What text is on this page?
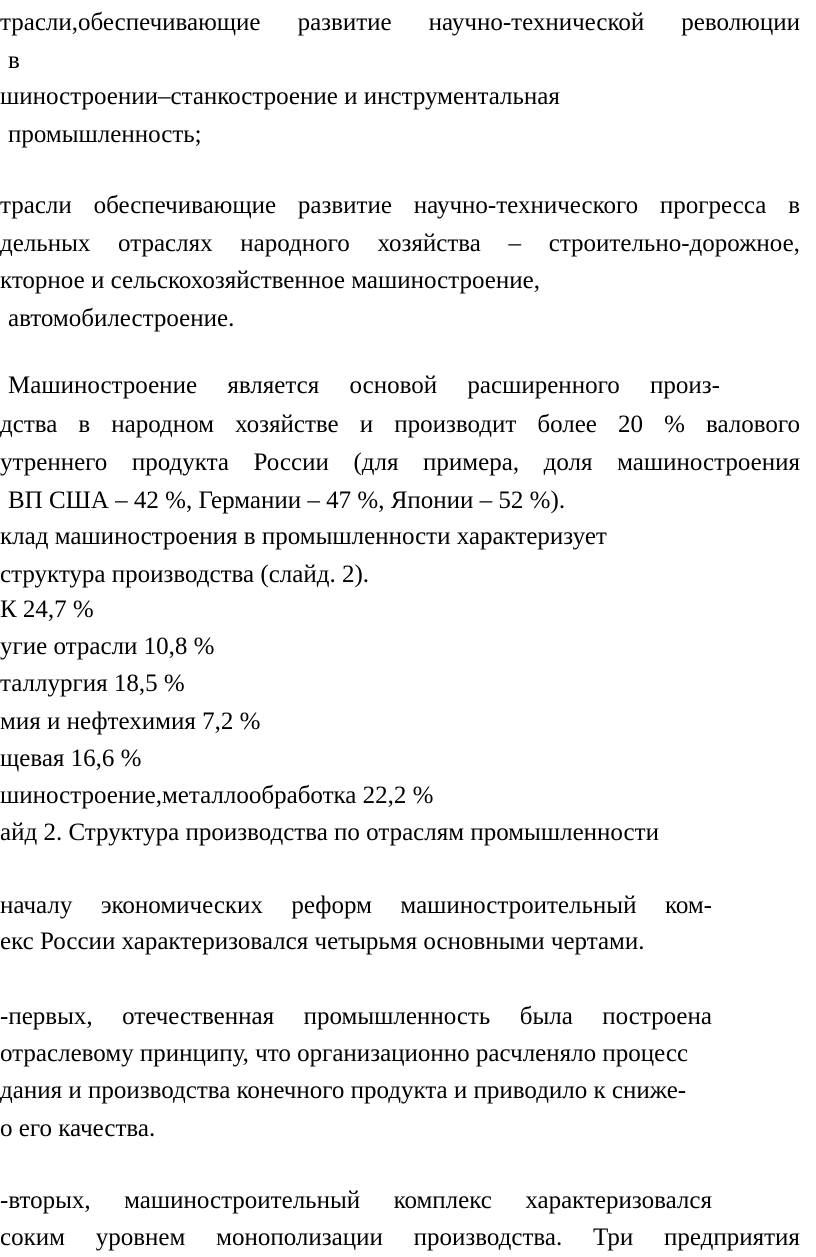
трасли,обеспечивающие развитие научно-технической революции
в
шиностроении–станкостроение и инструментальная
промышленность;
трасли обеспечивающие развитие научно-технического прогресса в
дельных отраслях народного хозяйства – строительно-дорожное,
кторное и сельскохозяйственное машиностроение,
автомобилестроение.
Машиностроение является основой расширенного произ-
дства в народном хозяйстве и производит более 20 % валового
утреннего продукта России (для примера, доля машиностроения
ВП США – 42 %, Германии – 47 %, Японии – 52 %).
клад машиностроения в промышленности характеризует
структура производства (слайд. 2).
К 24,7 %
угие отрасли 10,8 %
таллургия 18,5 %
мия и нефтехимия 7,2 %
щевая 16,6 %
шиностроение,металлообработка 22,2 %
айд 2. Структура производства по отраслям промышленности
началу экономических реформ машиностроительный ком-
екс России характеризовался четырьмя основными чертами.
-первых, отечественная промышленность была построена
отраслевому принципу, что организационно расчленяло процесс
дания и производства конечного продукта и приводило к сниже-
о его качества.
-вторых, машиностроительный комплекс характеризовался
соким уровнем монополизации производства. Три предприятия
